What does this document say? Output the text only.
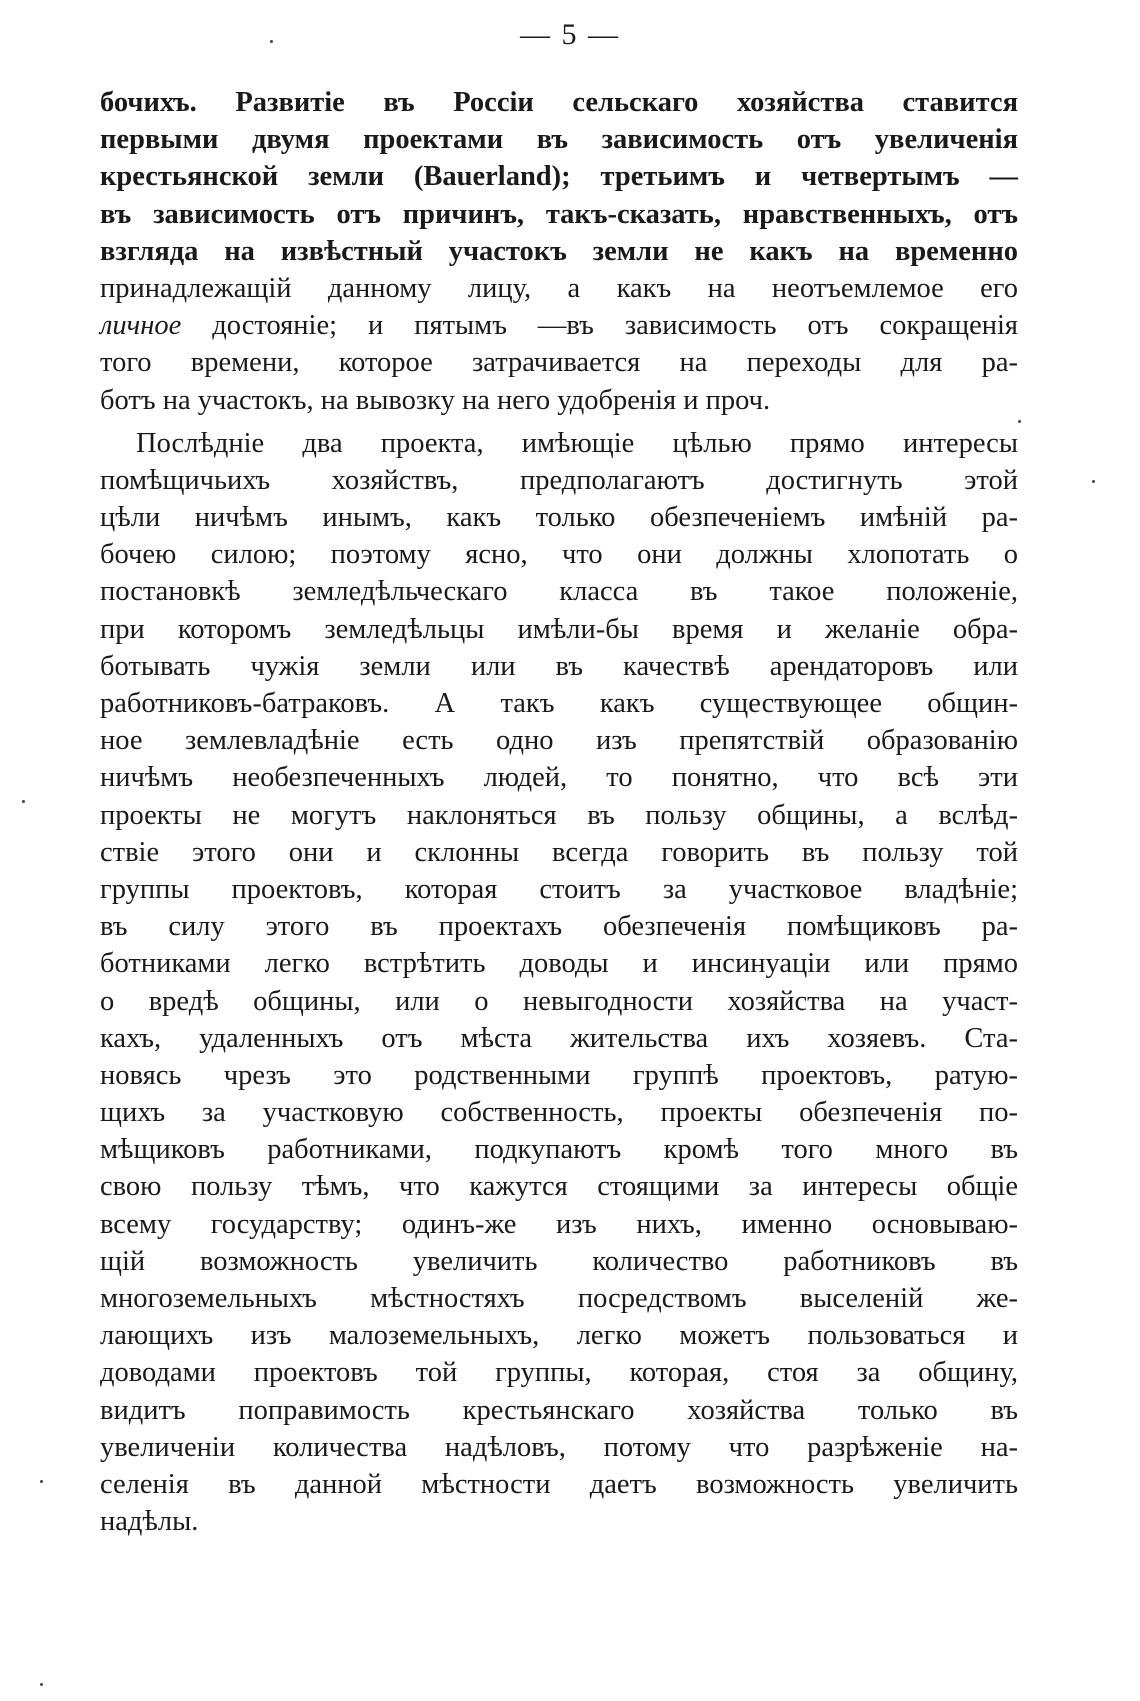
— 5 —
бочихъ. Развитіе въ Россіи сельскаго хозяйства ставится
первыми двумя проектами въ зависимость отъ увеличенія
крестьянской земли (Bauerland); третьимъ и четвертымъ —
въ зависимость отъ причинъ, такъ-сказать, нравственныхъ, отъ
взгляда на извѣстный участокъ земли не какъ на временно
принадлежащій данному лицу, а какъ на неотъемлемое его
личное достояніе; и пятымъ —въ зависимость отъ сокращенія
того времени, которое затрачивается на переходы для ра-
ботъ на участокъ, на вывозку на него удобренія и проч.
Послѣдніе два проекта, имѣющіе цѣлью прямо интересы
помѣщичьихъ хозяйствъ, предполагаютъ достигнуть этой
цѣли ничѣмъ инымъ, какъ только обезпеченіемъ имѣній ра-
бочею силою; поэтому ясно, что они должны хлопотать о
постановкѣ земледѣльческаго класса въ такое положеніе,
при которомъ земледѣльцы имѣли-бы время и желаніе обра-
ботывать чужія земли или въ качествѣ арендаторовъ или
работниковъ-батраковъ. А такъ какъ существующее общин-
ное землевладѣніе есть одно изъ препятствій образованію
ничѣмъ необезпеченныхъ людей, то понятно, что всѣ эти
проекты не могутъ наклоняться въ пользу общины, а вслѣд-
ствіе этого они и склонны всегда говорить въ пользу той
группы проектовъ, которая стоитъ за участковое владѣніе;
въ силу этого въ проектахъ обезпеченія помѣщиковъ ра-
ботниками легко встрѣтить доводы и инсинуаціи или прямо
о вредѣ общины, или о невыгодности хозяйства на участ-
кахъ, удаленныхъ отъ мѣста жительства ихъ хозяевъ. Ста-
новясь чрезъ это родственными группѣ проектовъ, ратую-
щихъ за участковую собственность, проекты обезпеченія по-
мѣщиковъ работниками, подкупаютъ кромѣ того много въ
свою пользу тѣмъ, что кажутся стоящими за интересы общіе
всему государству; одинъ-же изъ нихъ, именно основываю-
щій возможность увеличить количество работниковъ въ
многоземельныхъ мѣстностяхъ посредствомъ выселеній же-
лающихъ изъ малоземельныхъ, легко можетъ пользоваться и
доводами проектовъ той группы, которая, стоя за общину,
видитъ поправимость крестьянскаго хозяйства только въ
увеличеніи количества надѣловъ, потому что разрѣженіе на-
селенія въ данной мѣстности даетъ возможность увеличить
надѣлы.
